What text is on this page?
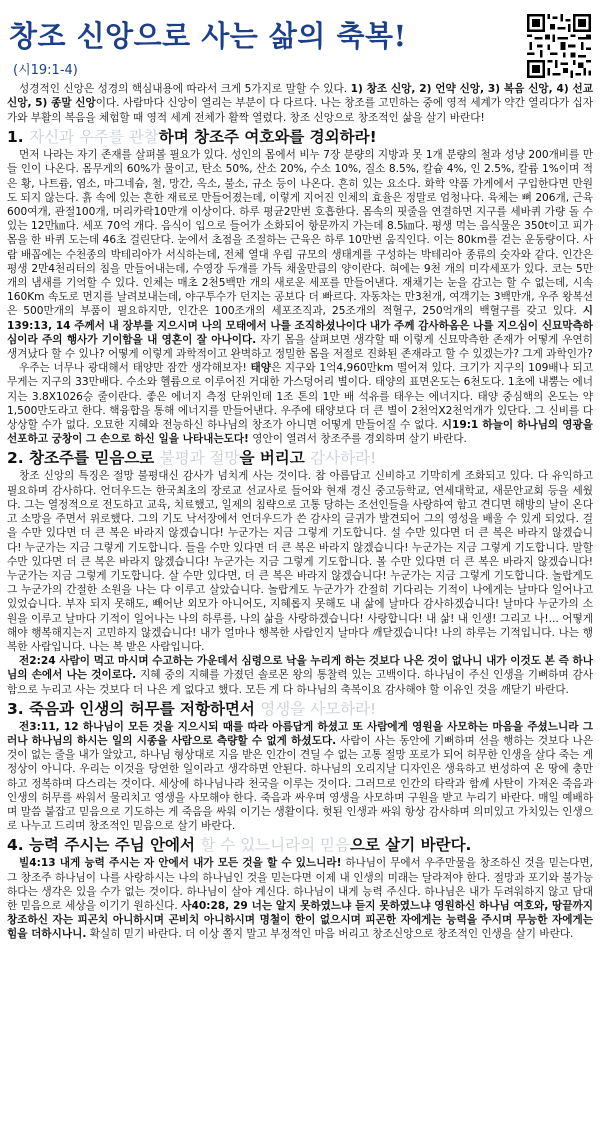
창조 신앙으로 사는 삶의 축복!
(시19:1-4)

성경적인 신앙은 성경의 핵심내용에 따라서 크게 5가지로 말할 수 있다. 1) 창조 신앙, 2) 언약 신앙, 3) 복음 신앙, 4) 선교 신앙, 5) 종말 신앙이다. 사람마다 신앙이 열리는 부분이 다 다르다. 나는 창조를 고민하는 중에 영적 세계가 약간 열리다가 십자가와 부활의 복음을 체험할 때 영적 세계 전체가 활짝 열렸다. 창조 신앙으로 창조적인 삶을 살기 바란다!

1. 자신과 우주를 관찰하며 창조주 여호와를 경외하라!

먼저 나라는 자기 존재를 살펴볼 필요가 있다. 성인의 몸에서 비누 7장 분량의 지방과 못 1개 분량의 철과 성냥 200개비를 만들 인이 나온다. 몸무게의 60%가 물이고, 탄소 50%, 산소 20%, 수소 10%, 질소 8.5%, 칼슘 4%, 인 2.5%, 칼륨 1%이며 적은 황, 나트륨, 염소, 마그네슘, 철, 망간, 옥소, 불소, 규소 등이 나온다. 흔히 있는 요소다. 화학 약품 가게에서 구입한다면 만원도 되지 않는다. 흙 속에 있는 흔한 재료로 만들어졌는데, 이렇게 지어진 인체의 효율은 정말로 엄청나다. 육체는 뼈 206개, 근육600여개, 관절100개, 머리카락10만개 이상이다. 하루 평균2만번 호흡한다. 몸속의 핏줄을 연결하면 지구를 세바퀴 가량 돌 수 있는 12만㎞다. 세포 70억 개다. 음식이 입으로 들어가 소화되어 항문까지 가는데 8.5㎞다. 평생 먹는 음식물은 350t이고 피가 몸을 한 바퀴 도는데 46초 걸린단다. 눈에서 초점을 조절하는 근육은 하루 10만번 움직인다. 이는 80km를 걷는 운동량이다. 사람 배꼽에는 수천종의 박테리아가 서식하는데, 전체 열대 우림 규모의 생태계를 구성하는 박테리아 종류의 숫자와 같다. 인간은 평생 2만4천리터의 침을 만들어내는데, 수영장 두개를 가득 채울만큼의 양이란다. 혀에는 9천 개의 미각세포가 있다. 코는 5만 개의 냄새를 기억할 수 있다. 인체는 매초 2천5백만 개의 새로운 세포를 만들어낸다. 재채기는 눈을 감고는 할 수 없는데, 시속160Km 속도로 먼지를 날려보내는데, 야구투수가 던지는 공보다 더 빠르다. 자동차는 만3천개, 여객기는 3백만개, 우주 왕복선은 500만개의 부품이 필요하지만, 인간은 100조개의 세포조직과, 25조개의 적혈구, 250억개의 백혈구를 갖고 있다. 시139:13, 14 주께서 내 장부를 지으시며 나의 모태에서 나를 조직하셨나이다 내가 주께 감사하옴은 나를 지으심이 신묘막측하심이라 주의 행사가 기이함을 내 영혼이 잘 아나이다. 자기 몸을 살펴보면 생각할 때 이렇게 신묘막측한 존재가 어떻게 우연히 생겨났다 할 수 있나? 어떻게 이렇게 과학적이고 완벽하고 정밀한 몸을 저절로 진화된 존재라고 할 수 있겠는가? 그게 과학인가?

우주는 너무나 광대해서 태양만 잠깐 생각해보자! 태양은 지구와 1억4,960만km 떨어져 있다. 크기가 지구의 109배나 되고 무게는 지구의 33만배다. 수소와 헬륨으로 이루어진 거대한 가스덩어리 별이다. 태양의 표면온도는 6천도다. 1초에 내뿜는 에너지는 3.8X1026승 줄이란다. 좋은 에너지 측정 단위인데 1조 톤의 1만 배 석유를 태우는 에너지다. 태양 중심핵의 온도는 약1,500만도라고 한다. 핵융합을 통해 에너지를 만들어낸다. 우주에 태양보다 더 큰 별이 2천억X2천억개가 있단다. 그 신비를 다 상상할 수가 없다. 오묘한 지혜와 전능하신 하나님의 창조가 아니면 어떻게 만들어질 수 없다. 시19:1 하늘이 하나님의 영광을 선포하고 궁창이 그 손으로 하신 일을 나타내는도다! 영안이 열려서 창조주를 경외하며 살기 바란다.

2. 창조주를 믿음으로 불평과 절망을 버리고 감사하라!

창조 신앙의 특징은 절망 불평대신 감사가 넘치게 사는 것이다. 참 아름답고 신비하고 기막히게 조화되고 있다. 다 유익하고 필요하며 감사하다. 언더우드는 한국최초의 장로교 선교사로 들어와 현재 경신 중고등학교, 연세대학교, 새문안교회 등을 세웠다. 그는 열정적으로 전도하고 교육, 치료했고, 일제의 침략으로 고통 당하는 조선인들을 사랑하여 함고 견디면 해방의 날이 온다고 소망을 주면서 위로했다. 그의 기도 낙서장에서 언더우드가 쓴 감사의 글귀가 발견되어 그의 영성을 배울 수 있게 되었다. 걸을 수만 있다면 더 큰 복은 바라지 않겠습니다! 누군가는 지금 그렇게 기도합니다. 설 수만 있다면 더 큰 복은 바라지 않겠습니다! 누군가는 지금 그렇게 기도합니다. 들을 수만 있다면 더 큰 복은 바라지 않겠습니다! 누군가는 지금 그렇게 기도합니다. 말할 수만 있다면 더 큰 복은 바라지 않겠습니다! 누군가는 지금 그렇게 기도합니다. 볼 수만 있다면 더 큰 복은 바라지 않겠습니다! 누군가는 지금 그렇게 기도합니다. 살 수만 있다면, 더 큰 복은 바라지 않겠습니다! 누군가는 지금 그렇게 기도합니다. 놀랍게도 그 누군가의 간절한 소원을 나는 다 이루고 살았습니다. 놀랍게도 누군가가 간절히 기다리는 기적이 나에게는 날마다 일어나고 있었습니다. 부자 되지 못해도, 빼어난 외모가 아니어도, 지혜롭지 못해도 내 삶에 날마다 감사하겠습니다! 날마다 누군가의 소원을 이루고 날마다 기적이 일어나는 나의 하루를, 나의 삶을 사랑하겠습니다! 사랑합니다! 내 삶! 내 인생! 그리고 나!... 어떻게 해야 행복해지는지 고민하지 않겠습니다! 내가 얼마나 행복한 사람인지 날마다 깨닫겠습니다! 나의 하루는 기적입니다. 나는 행복한 사람입니다. 나는 복 받은 사람입니다.

전2:24 사람이 먹고 마시며 수고하는 가운데서 심령으로 낙을 누리게 하는 것보다 나은 것이 없나니 내가 이것도 본 즉 하나님의 손에서 나는 것이로다. 지혜 중의 지혜를 가졌던 솔로몬 왕의 통찰력 있는 고백이다. 하나님이 주신 인생을 기뻐하며 감사함으로 누리고 사는 것보다 더 나은 게 없다고 했다. 모든 게 다 하나님의 축복이요 감사해야 할 이유인 것을 깨닫기 바란다.

3. 죽음과 인생의 허무를 저항하면서 영생을 사모하라!

전3:11, 12 하나님이 모든 것을 지으시되 때를 따라 아름답게 하셨고 또 사람에게 영원을 사모하는 마음을 주셨느니라 그러나 하나님의 하시는 일의 시종을 사람으로 측량할 수 없게 하셨도다. 사람이 사는 동안에 기뻐하며 선을 행하는 것보다 나은 것이 없는 줄을 내가 알았고, 하나님 형상대로 지음 받은 인간이 견딜 수 없는 고통 절망 포로가 되어 허무한 인생을 살다 죽는 게 정상이 아니다. 우리는 이것을 당연한 일이라고 생각하면 안된다. 하나님의 오리지날 디자인은 생육하고 번성하여 온 땅에 충만하고 정복하며 다스리는 것이다. 세상에 하나님나라 천국을 이루는 것이다. 그러므로 인간의 타락과 함께 사탄이 가져온 죽음과 인생의 허무를 싸워서 물리치고 영생을 사모해야 한다. 죽음과 싸우며 영생을 사모하며 구원을 받고 누리기 바란다. 매일 예배하며 말씀 붙잡고 믿음으로 기도하는 게 죽음을 싸워 이기는 생활이다. 헛된 인생과 싸워 항상 감사하며 의미있고 가치있는 인생으로 나누고 드리며 창조적인 믿음으로 살기 바란다.

4. 능력 주시는 주님 안에서 할 수 있느니라의 믿음으로 살기 바란다.

빌4:13 내게 능력 주시는 자 안에서 내가 모든 것을 할 수 있느니라! 하나님이 무에서 우주만물을 창조하신 것을 믿는다면, 그 창조주 하나님이 나를 사랑하시는 나의 하나님인 것을 믿는다면 이제 내 인생의 미래는 달라져야 한다. 절망과 포기와 불가능하다는 생각은 있을 수가 없는 것이다. 하나님이 살아 계신다. 하나님이 내게 능력 주신다. 하나님은 내가 두려워하지 않고 담대한 믿음으로 세상을 이기기 원하신다. 사40:28, 29 너는 알지 못하였느냐 듣지 못하였느냐 영원하신 하나님 여호와, 땅끝까지 창조하신 자는 피곤치 아니하시며 곤비치 아니하시며 명철이 한이 없으시며 피곤한 자에게는 능력을 주시며 무능한 자에게는 힘을 더하시나니. 확실히 믿기 바란다. 더 이상 쫄지 말고 부정적인 마음 버리고 창조신앙으로 창조적인 인생을 살기 바란다.
